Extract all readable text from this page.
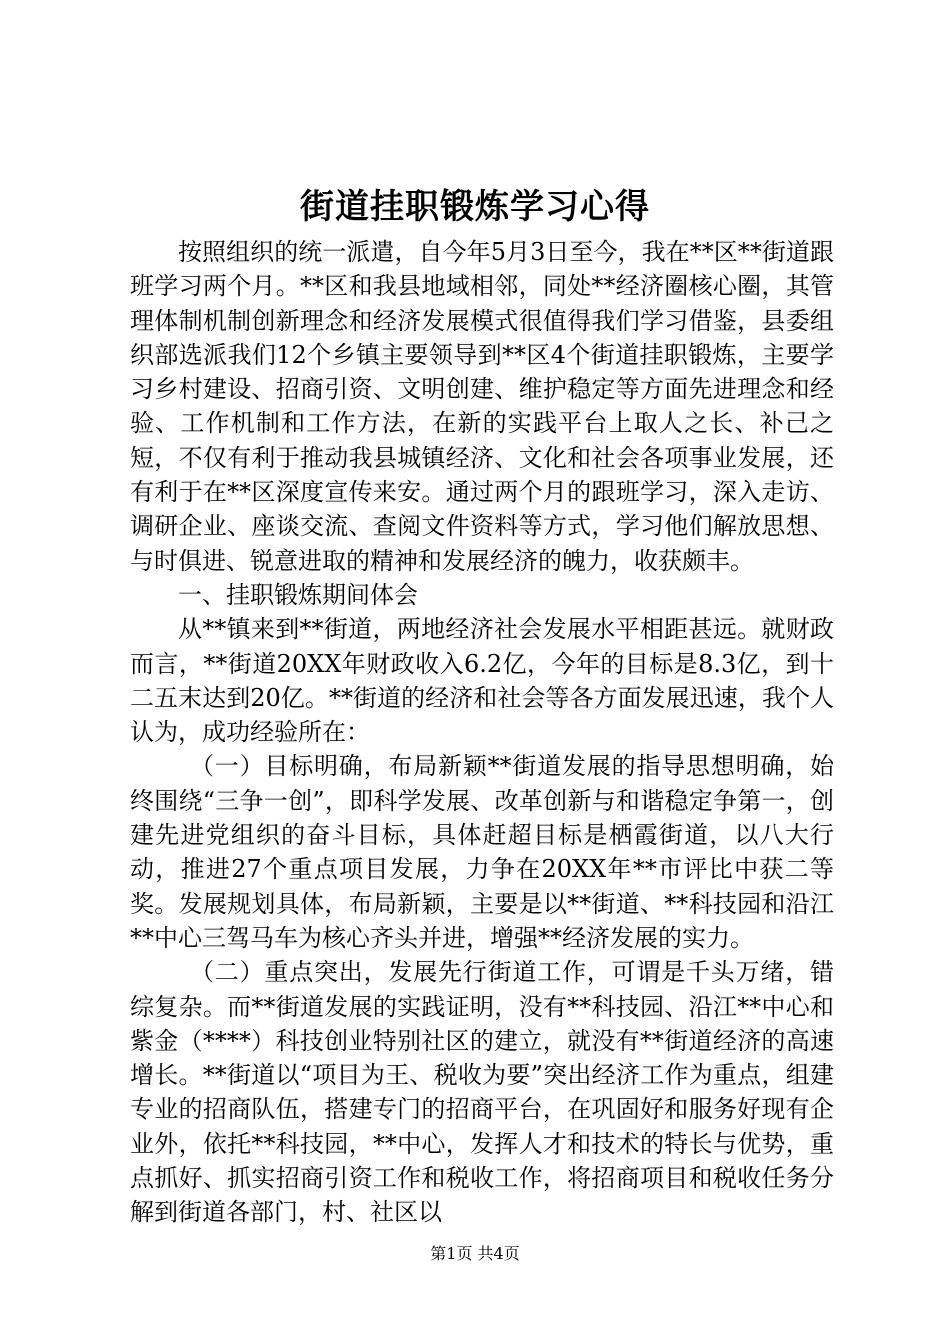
街道挂职锻炼学习心得

按照组织的统一派遣，自今年5月3日至今，我在**区**街道跟班学习两个月。**区和我县地域相邻，同处**经济圈核心圈，其管理体制机制创新理念和经济发展模式很值得我们学习借鉴，县委组织部选派我们12个乡镇主要领导到**区4个街道挂职锻炼，主要学习乡村建设、招商引资、文明创建、维护稳定等方面先进理念和经验、工作机制和工作方法，在新的实践平台上取人之长、补己之短，不仅有利于推动我县城镇经济、文化和社会各项事业发展，还有利于在**区深度宣传来安。通过两个月的跟班学习，深入走访、调研企业、座谈交流、查阅文件资料等方式，学习他们解放思想、与时俱进、锐意进取的精神和发展经济的魄力，收获颇丰。

一、挂职锻炼期间体会

从**镇来到**街道，两地经济社会发展水平相距甚远。就财政而言，**街道20XX年财政收入6.2亿，今年的目标是8.3亿，到十二五末达到20亿。**街道的经济和社会等各方面发展迅速，我个人认为，成功经验所在：

（一）目标明确，布局新颖**街道发展的指导思想明确，始终围绕“三争一创”，即科学发展、改革创新与和谐稳定争第一，创建先进党组织的奋斗目标，具体赶超目标是栖霞街道，以八大行动，推进27个重点项目发展，力争在20XX年**市评比中获二等奖。发展规划具体，布局新颖，主要是以**街道、**科技园和沿江**中心三驾马车为核心齐头并进，增强**经济发展的实力。

（二）重点突出，发展先行街道工作，可谓是千头万绪，错综复杂。而**街道发展的实践证明，没有**科技园、沿江**中心和紫金（****）科技创业特别社区的建立，就没有**街道经济的高速增长。**街道以“项目为王、税收为要”突出经济工作为重点，组建专业的招商队伍，搭建专门的招商平台，在巩固好和服务好现有企业外，依托**科技园，**中心，发挥人才和技术的特长与优势，重点抓好、抓实招商引资工作和税收工作，将招商项目和税收任务分解到街道各部门，村、社区以

第1页 共4页
